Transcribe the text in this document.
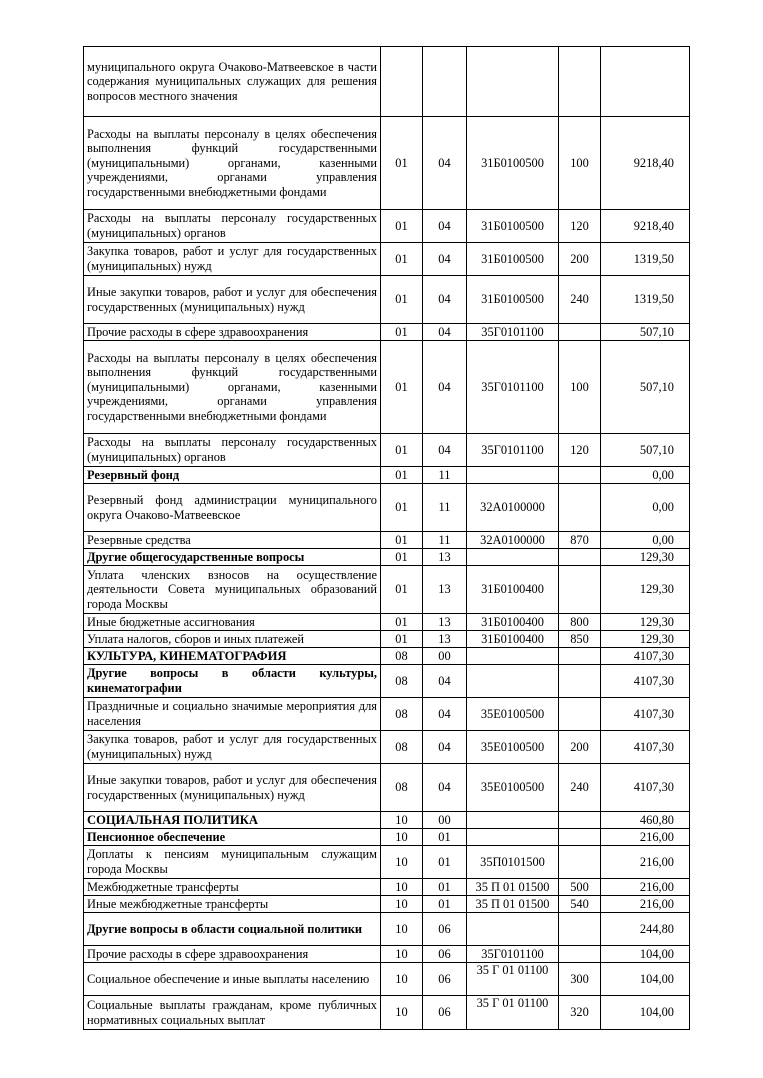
муниципального округа Очаково-Матвеевское в части содержания муниципальных служащих для решения вопросов местного значения					
Расходы на выплаты персоналу в целях обеспечения выполнения функций государственными (муниципальными) органами, казенными учреждениями, органами управления государственными внебюджетными фондами	01	04	31Б0100500	100	9218,40
Расходы на выплаты персоналу государственных (муниципальных) органов	01	04	31Б0100500	120	9218,40
Закупка товаров, работ и услуг для государственных (муниципальных) нужд	01	04	31Б0100500	200	1319,50
Иные закупки товаров, работ и услуг для обеспечения государственных (муниципальных) нужд	01	04	31Б0100500	240	1319,50
Прочие расходы в сфере здравоохранения	01	04	35Г0101100		507,10
Расходы на выплаты персоналу в целях обеспечения выполнения функций государственными (муниципальными) органами, казенными учреждениями, органами управления государственными внебюджетными фондами	01	04	35Г0101100	100	507,10
Расходы на выплаты персоналу государственных (муниципальных) органов	01	04	35Г0101100	120	507,10
Резервный фонд	01	11			0,00
Резервный фонд администрации муниципального округа Очаково-Матвеевское	01	11	32А0100000		0,00
Резервные средства	01	11	32А0100000	870	0,00
Другие общегосударственные вопросы	01	13			129,30
Уплата членских взносов на осуществление деятельности Совета муниципальных образований города Москвы	01	13	31Б0100400		129,30
Иные бюджетные ассигнования	01	13	31Б0100400	800	129,30
Уплата налогов, сборов и иных платежей	01	13	31Б0100400	850	129,30
КУЛЬТУРА, КИНЕМАТОГРАФИЯ	08	00			4107,30
Другие вопросы в области культуры, кинематографии	08	04			4107,30
Праздничные и социально значимые мероприятия для населения	08	04	35Е0100500		4107,30
Закупка товаров, работ и услуг для государственных (муниципальных) нужд	08	04	35Е0100500	200	4107,30
Иные закупки товаров, работ и услуг для обеспечения государственных (муниципальных) нужд	08	04	35Е0100500	240	4107,30
СОЦИАЛЬНАЯ ПОЛИТИКА	10	00			460,80
Пенсионное обеспечение	10	01			216,00
Доплаты к пенсиям муниципальным служащим города Москвы	10	01	35П0101500		216,00
Межбюджетные трансферты	10	01	35 П 01 01500	500	216,00
Иные межбюджетные трансферты	10	01	35 П 01 01500	540	216,00
Другие вопросы в области социальной политики	10	06			244,80
Прочие расходы в сфере здравоохранения	10	06	35Г0101100		104,00
Социальное обеспечение и иные выплаты населению	10	06	35 Г 01 01100	300	104,00
Социальные выплаты гражданам, кроме публичных нормативных социальных выплат	10	06	35 Г 01 01100	320	104,00
